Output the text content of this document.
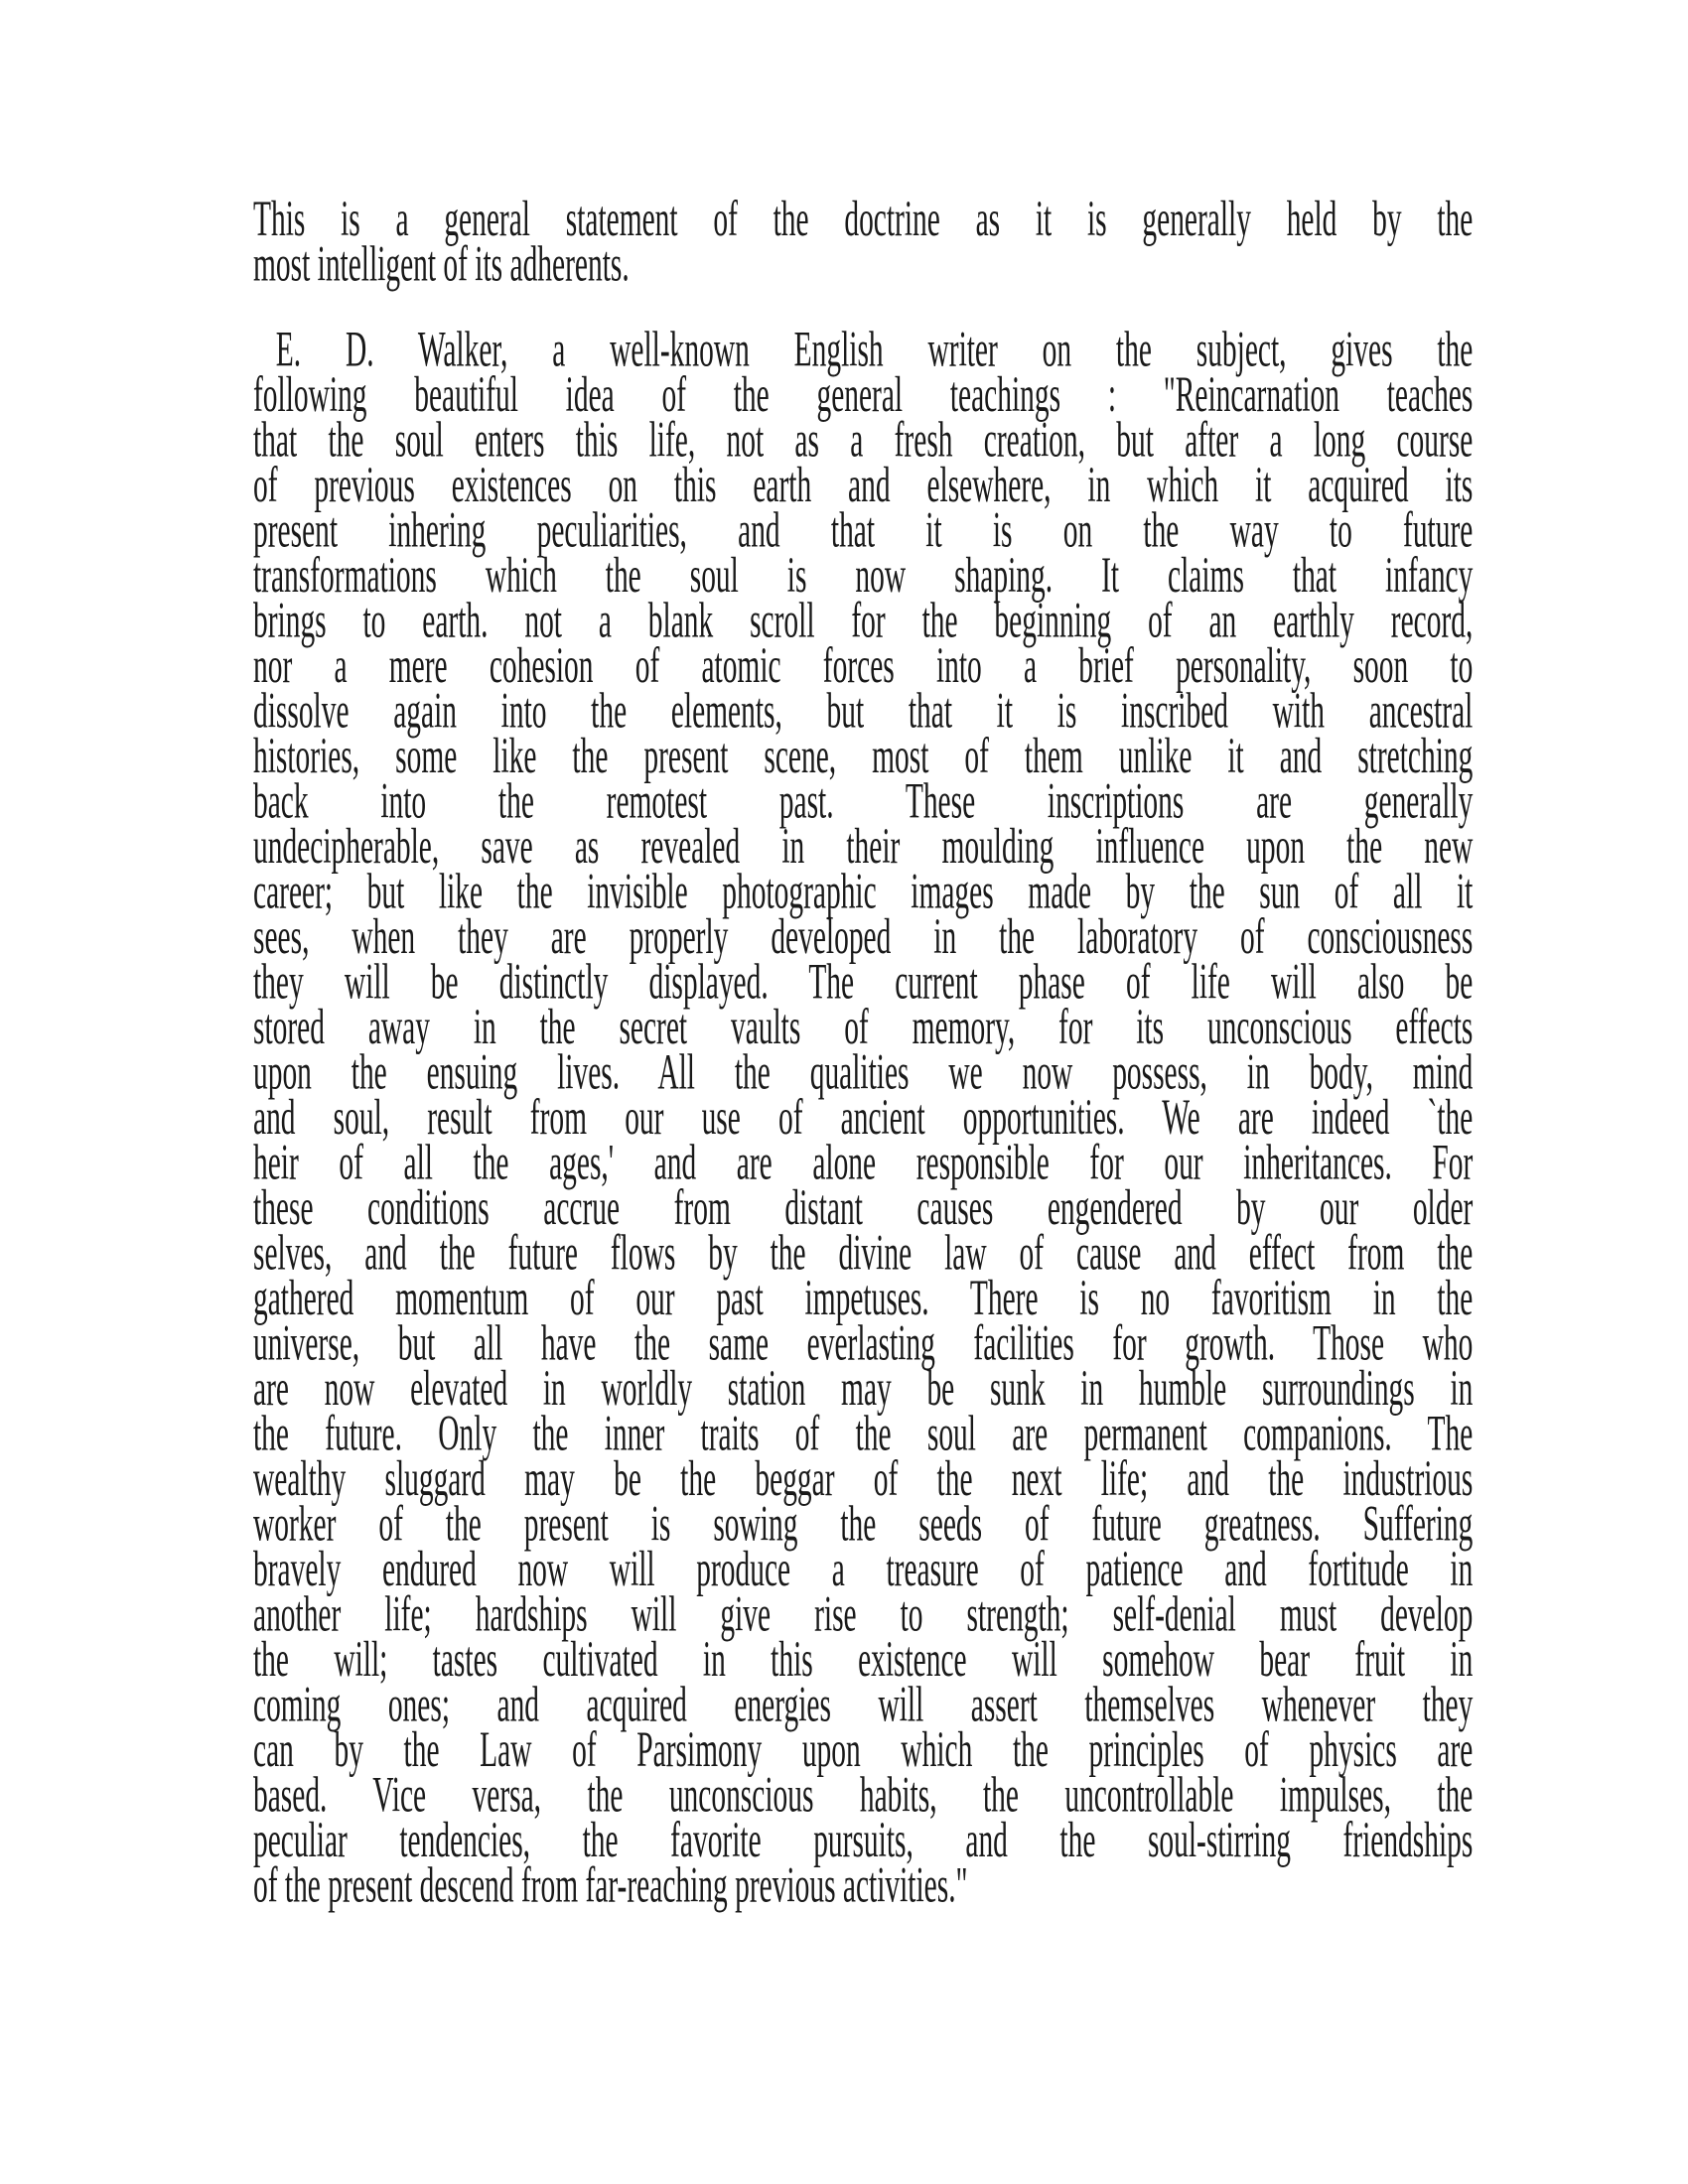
This is a general statement of the doctrine as it is generally held by the
most intelligent of its adherents.
E. D. Walker, a well-known English writer on the subject, gives the
following beautiful idea of the general teachings : "Reincarnation teaches
that the soul enters this life, not as a fresh creation, but after a long course
of previous existences on this earth and elsewhere, in which it acquired its
present inhering peculiarities, and that it is on the way to future
transformations which the soul is now shaping. It claims that infancy
brings to earth. not a blank scroll for the beginning of an earthly record,
nor a mere cohesion of atomic forces into a brief personality, soon to
dissolve again into the elements, but that it is inscribed with ancestral
histories, some like the present scene, most of them unlike it and stretching
back into the remotest past. These inscriptions are generally
undecipherable, save as revealed in their moulding influence upon the new
career; but like the invisible photographic images made by the sun of all it
sees, when they are properly developed in the laboratory of consciousness
they will be distinctly displayed. The current phase of life will also be
stored away in the secret vaults of memory, for its unconscious effects
upon the ensuing lives. All the qualities we now possess, in body, mind
and soul, result from our use of ancient opportunities. We are indeed `the
heir of all the ages,' and are alone responsible for our inheritances. For
these conditions accrue from distant causes engendered by our older
selves, and the future flows by the divine law of cause and effect from the
gathered momentum of our past impetuses. There is no favoritism in the
universe, but all have the same everlasting facilities for growth. Those who
are now elevated in worldly station may be sunk in humble surroundings in
the future. Only the inner traits of the soul are permanent companions. The
wealthy sluggard may be the beggar of the next life; and the industrious
worker of the present is sowing the seeds of future greatness. Suffering
bravely endured now will produce a treasure of patience and fortitude in
another life; hardships will give rise to strength; self-denial must develop
the will; tastes cultivated in this existence will somehow bear fruit in
coming ones; and acquired energies will assert themselves whenever they
can by the Law of Parsimony upon which the principles of physics are
based. Vice versa, the unconscious habits, the uncontrollable impulses, the
peculiar tendencies, the favorite pursuits, and the soul-stirring friendships
of the present descend from far-reaching previous activities."
